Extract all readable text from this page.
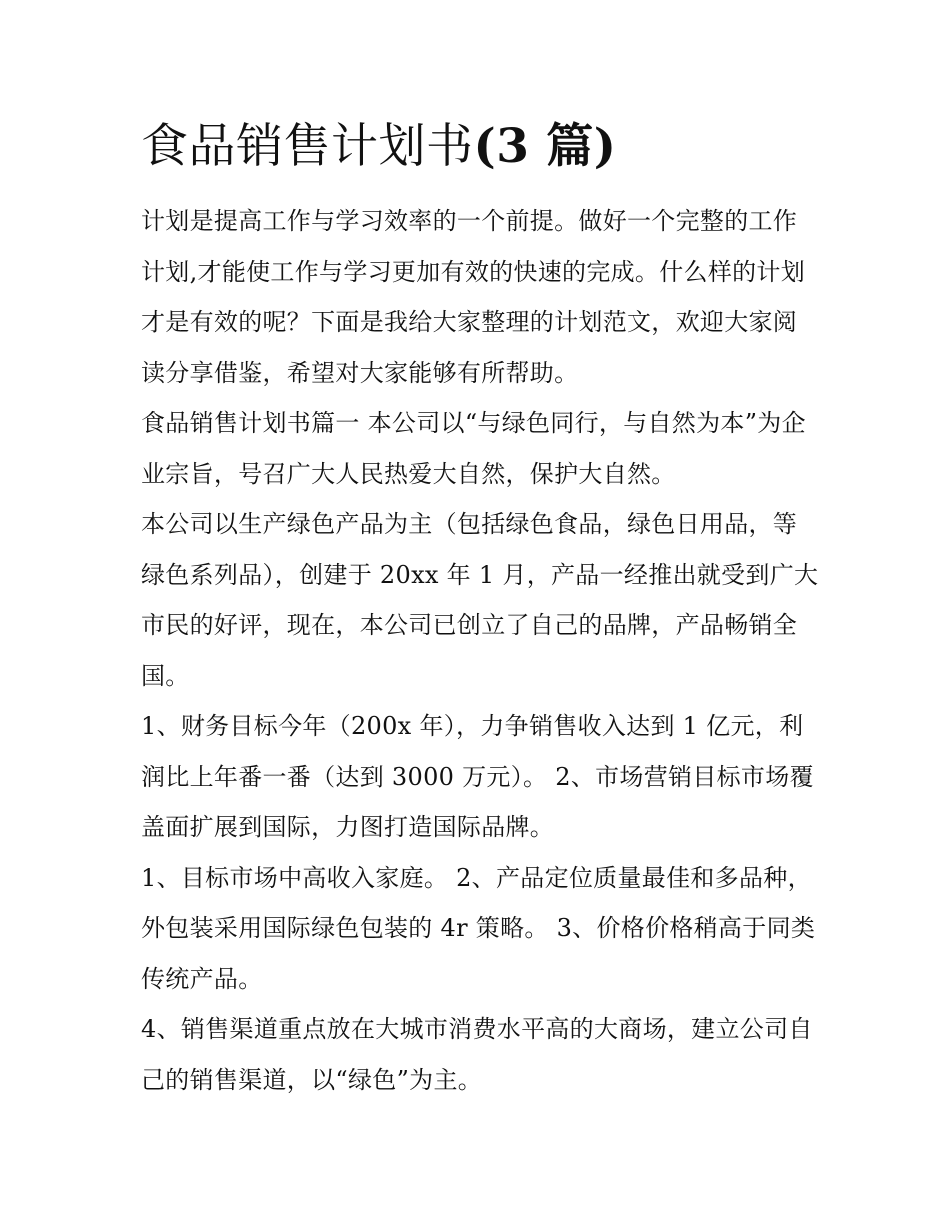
食品销售计划书(3 篇)

计划是提高工作与学习效率的一个前提。做好一个完整的工作计划,才能使工作与学习更加有效的快速的完成。什么样的计划才是有效的呢？下面是我给大家整理的计划范文，欢迎大家阅读分享借鉴，希望对大家能够有所帮助。

食品销售计划书篇一 本公司以“与绿色同行，与自然为本”为企业宗旨，号召广大人民热爱大自然，保护大自然。

本公司以生产绿色产品为主（包括绿色食品，绿色日用品，等绿色系列品），创建于 20xx 年 1 月，产品一经推出就受到广大市民的好评，现在，本公司已创立了自己的品牌，产品畅销全国。

1、财务目标今年（200x 年），力争销售收入达到 1 亿元，利润比上年番一番（达到 3000 万元）。 2、市场营销目标市场覆盖面扩展到国际，力图打造国际品牌。

1、目标市场中高收入家庭。 2、产品定位质量最佳和多品种，外包装采用国际绿色包装的 4r 策略。 3、价格价格稍高于同类传统产品。

4、销售渠道重点放在大城市消费水平高的大商场，建立公司自己的销售渠道，以“绿色”为主。
